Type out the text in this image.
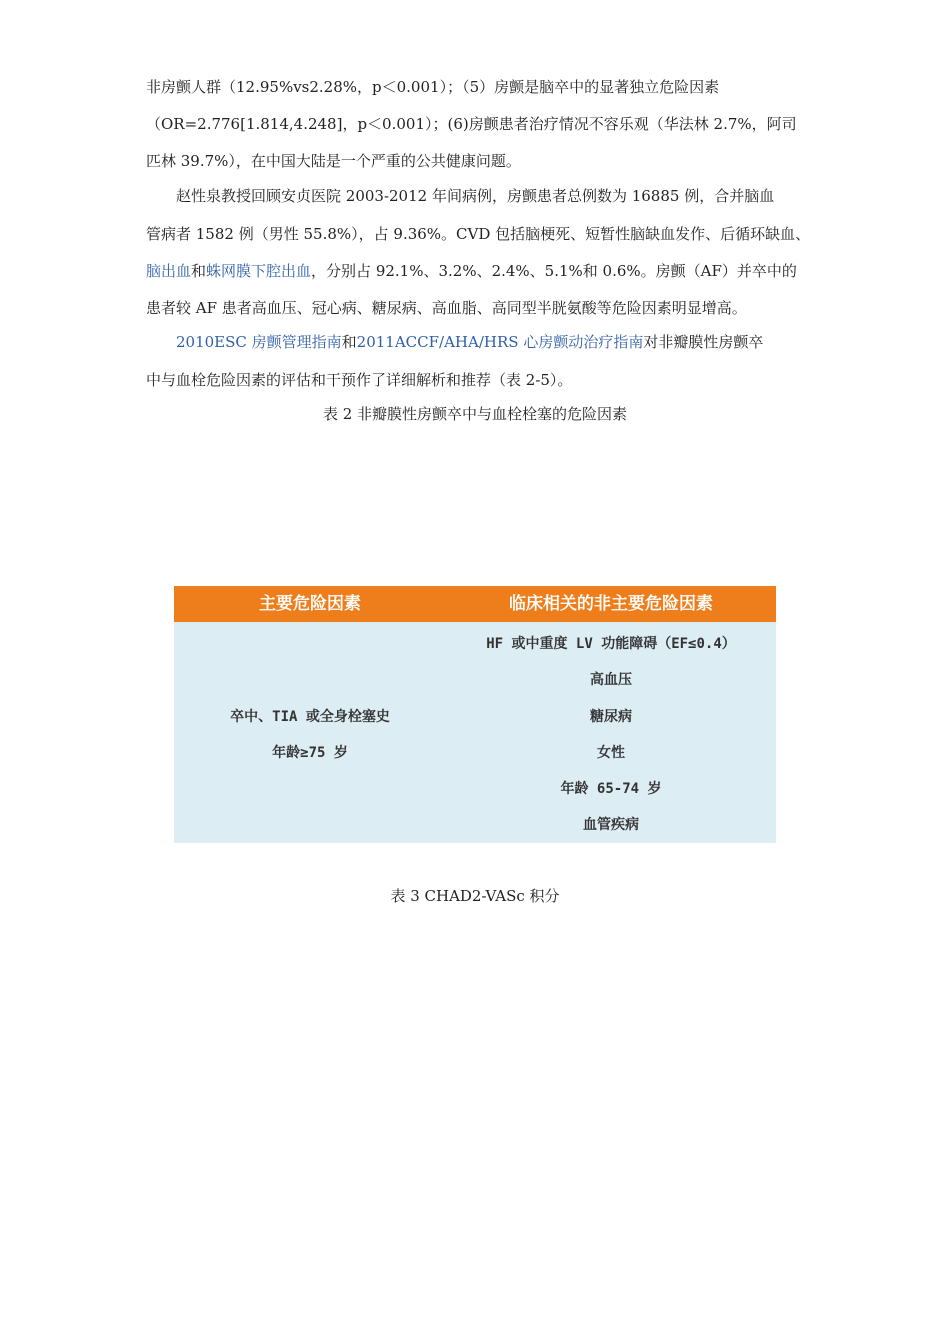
非房颤人群（12.95%vs2.28%，p＜0.001）；（5）房颤是脑卒中的显著独立危险因素
（OR=2.776[1.814,4.248]，p＜0.001）；(6)房颤患者治疗情况不容乐观（华法林 2.7%，阿司
匹林 39.7%），在中国大陆是一个严重的公共健康问题。
赵性泉教授回顾安贞医院 2003-2012 年间病例，房颤患者总例数为 16885 例，合并脑血
管病者 1582 例（男性 55.8%），占 9.36%。CVD 包括脑梗死、短暂性脑缺血发作、后循环缺血、
脑出血和蛛网膜下腔出血，分别占 92.1%、3.2%、2.4%、5.1%和 0.6%。房颤（AF）并卒中的
患者较 AF 患者高血压、冠心病、糖尿病、高血脂、高同型半胱氨酸等危险因素明显增高。
2010ESC 房颤管理指南和2011ACCF/AHA/HRS 心房颤动治疗指南对非瓣膜性房颤卒
中与血栓危险因素的评估和干预作了详细解析和推荐（表 2-5）。
表 2 非瓣膜性房颤卒中与血栓栓塞的危险因素
主要危险因素	临床相关的非主要危险因素
卒中、TIA 或全身栓塞史
年龄≥75 岁
HF 或中重度 LV 功能障碍（EF≤0.4）
高血压
糖尿病
女性
年龄 65-74 岁
血管疾病
表 3 CHAD2-VASc 积分
